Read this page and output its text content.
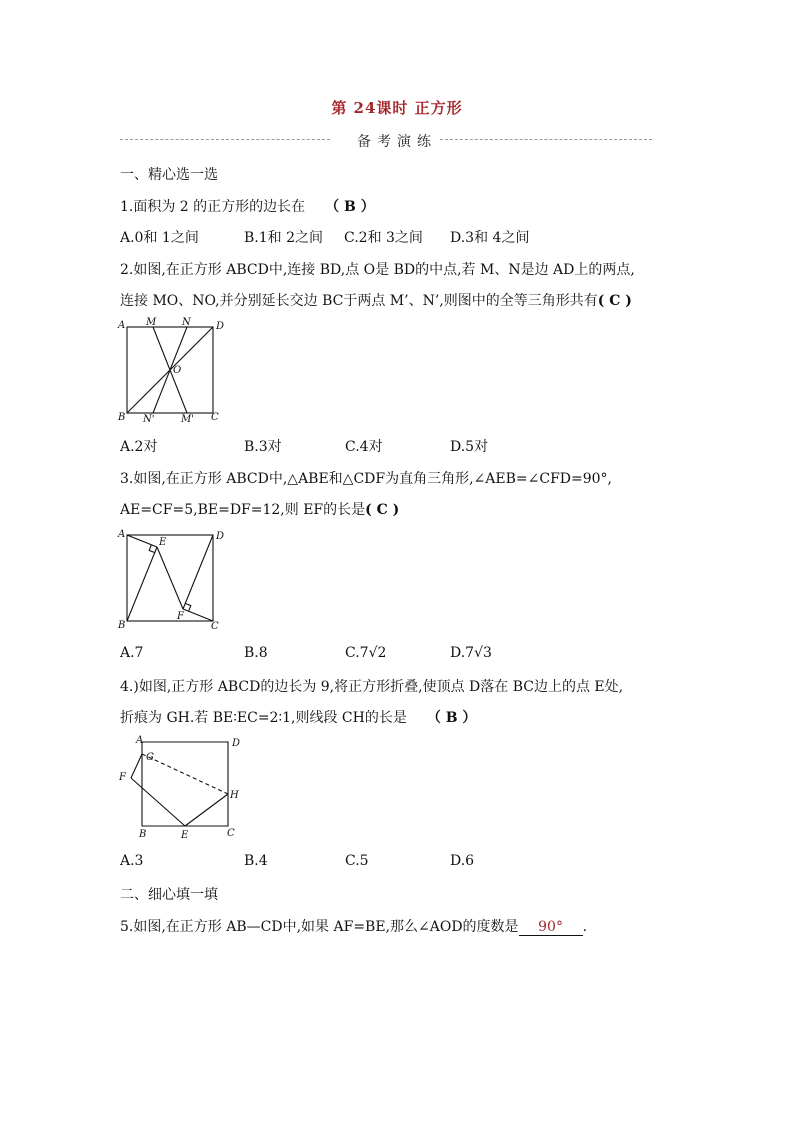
第 24课时 正方形
备考演练
一、精心选一选
1.面积为 2 的正方形的边长在 （ B ）
A.0和 1之间	B.1和 2之间 C.2和 3之间 D.3和 4之间
2.如图,在正方形 ABCD中,连接 BD,点 O是 BD的中点,若 M、N是边 AD上的两点,
连接 MO、NO,并分别延长交边 BC于两点 M’、N’,则图中的全等三角形共有( C )
A M	N	D
O
B N'	M' C
A.2对	B.3对	C.4对	D.5对
3.如图,在正方形 ABCD中,△ABE和△CDF为直角三角形,∠AEB=∠CFD=90°,
AE=CF=5,BE=DF=12,则 EF的长是( C )
A
E
D
B
F
C
A.7	B.8	C.7√2	D.7√3
4.)如图,正方形 ABCD的边长为 9,将正方形折叠,使顶点 D落在 BC边上的点 E处,
折痕为 GH.若 BE∶EC=2∶1,则线段 CH的长是 （ B ）
A	D
G
F
H
B	E	C
A.3	B.4	C.5	D.6
二、细心填一填
5.如图,在正方形 AB—CD中,如果 AF=BE,那么∠AOD的度数是 90° .
